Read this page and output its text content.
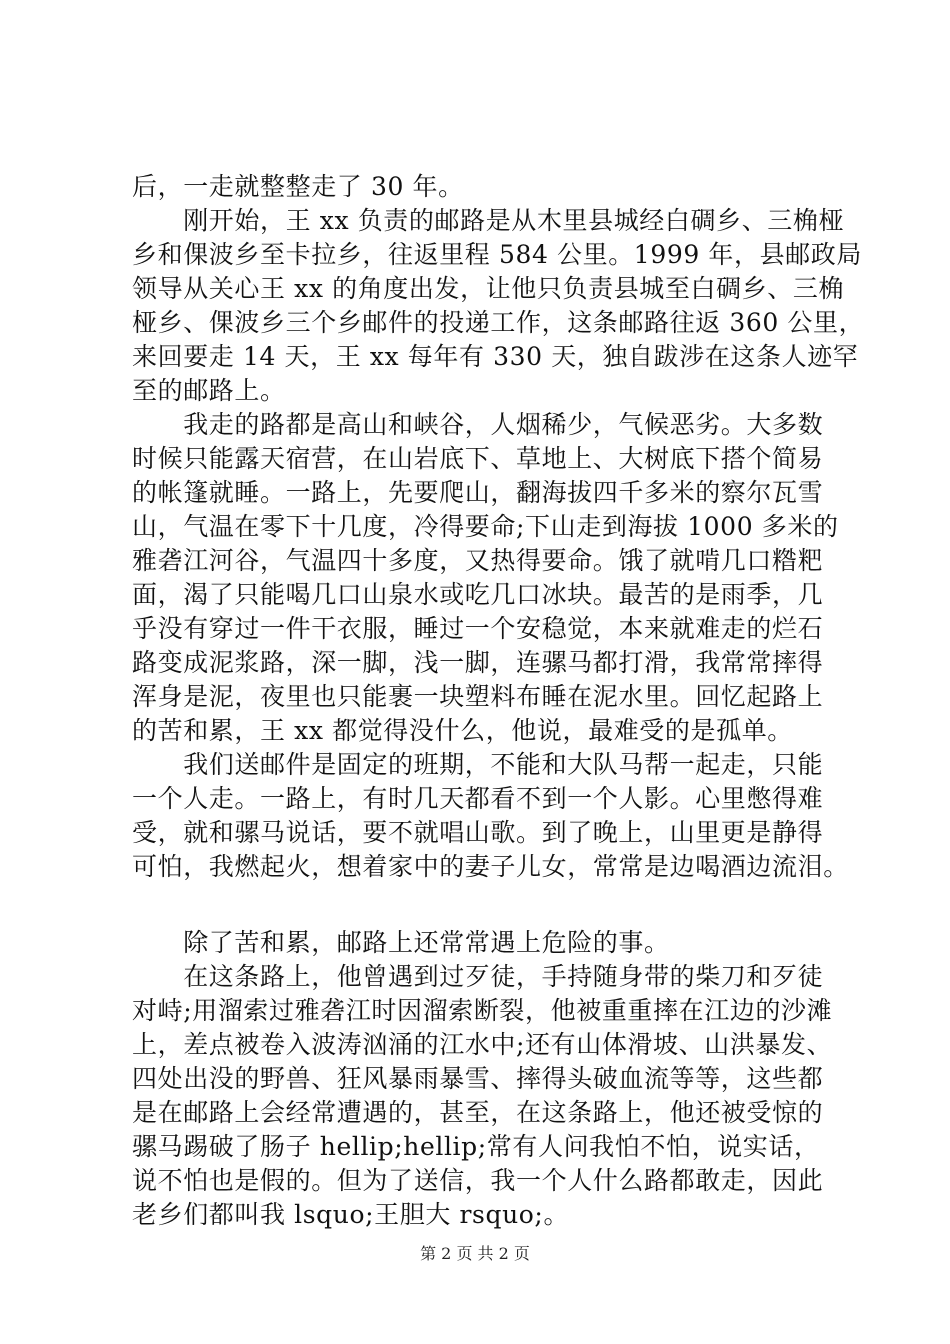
后，一走就整整走了 30 年。
　　刚开始，王 xx 负责的邮路是从木里县城经白碉乡、三桷桠
乡和倮波乡至卡拉乡，往返里程 584 公里。1999 年，县邮政局
领导从关心王 xx 的角度出发，让他只负责县城至白碉乡、三桷
桠乡、倮波乡三个乡邮件的投递工作，这条邮路往返 360 公里，
来回要走 14 天，王 xx 每年有 330 天，独自跋涉在这条人迹罕
至的邮路上。
　　我走的路都是高山和峡谷，人烟稀少，气候恶劣。大多数
时候只能露天宿营，在山岩底下、草地上、大树底下搭个简易
的帐篷就睡。一路上，先要爬山，翻海拔四千多米的察尔瓦雪
山，气温在零下十几度，冷得要命;下山走到海拔 1000 多米的
雅砻江河谷，气温四十多度，又热得要命。饿了就啃几口糌粑
面，渴了只能喝几口山泉水或吃几口冰块。最苦的是雨季，几
乎没有穿过一件干衣服，睡过一个安稳觉，本来就难走的烂石
路变成泥浆路，深一脚，浅一脚，连骡马都打滑，我常常摔得
浑身是泥，夜里也只能裹一块塑料布睡在泥水里。回忆起路上
的苦和累，王 xx 都觉得没什么，他说，最难受的是孤单。
　　我们送邮件是固定的班期，不能和大队马帮一起走，只能
一个人走。一路上，有时几天都看不到一个人影。心里憋得难
受，就和骡马说话，要不就唱山歌。到了晚上，山里更是静得
可怕，我燃起火，想着家中的妻子儿女，常常是边喝酒边流泪。
　　除了苦和累，邮路上还常常遇上危险的事。
　　在这条路上，他曾遇到过歹徒，手持随身带的柴刀和歹徒
对峙;用溜索过雅砻江时因溜索断裂，他被重重摔在江边的沙滩
上，差点被卷入波涛汹涌的江水中;还有山体滑坡、山洪暴发、
四处出没的野兽、狂风暴雨暴雪、摔得头破血流等等，这些都
是在邮路上会经常遭遇的，甚至，在这条路上，他还被受惊的
骡马踢破了肠子 hellip;hellip;常有人问我怕不怕，说实话，
说不怕也是假的。但为了送信，我一个人什么路都敢走，因此
老乡们都叫我 lsquo;王胆大 rsquo;。
第 2 页 共 2 页
